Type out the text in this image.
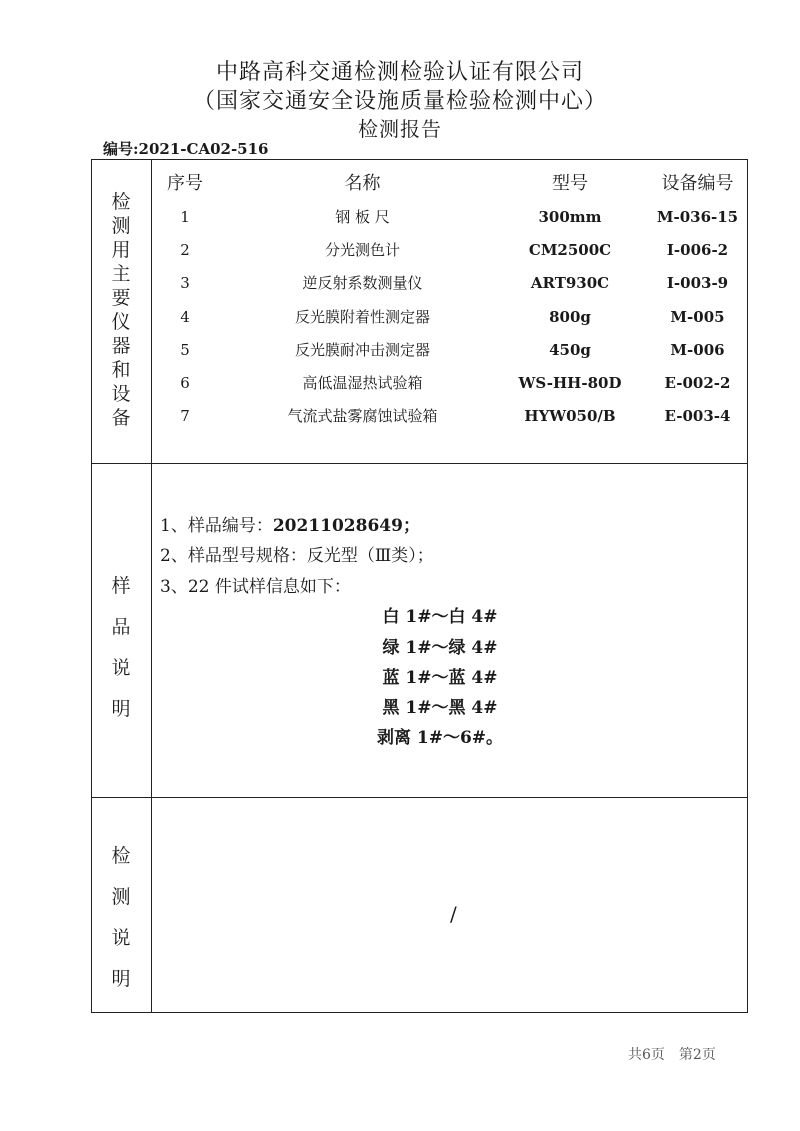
中路高科交通检测检验认证有限公司
（国家交通安全设施质量检验检测中心）
检测报告
编号:2021-CA02-516
检
测
用
主
要
仪
器
和
设
备
序号	名称	型号	设备编号
1	钢 板 尺	300mm	M-036-15
2	分光测色计	CM2500C	I-006-2
3	逆反射系数测量仪	ART930C	I-003-9
4	反光膜附着性测定器	800g	M-005
5	反光膜耐冲击测定器	450g	M-006
6	高低温湿热试验箱	WS-HH-80D	E-002-2
7	气流式盐雾腐蚀试验箱	HYW050/B	E-003-4
样
品
说
明
1、样品编号：20211028649；
2、样品型号规格：反光型（Ⅲ类）；
3、22 件试样信息如下：
白 1#～白 4#
绿 1#～绿 4#
蓝 1#～蓝 4#
黑 1#～黑 4#
剥离 1#～6#。
检
测
说
明
/
共6页 第2页
